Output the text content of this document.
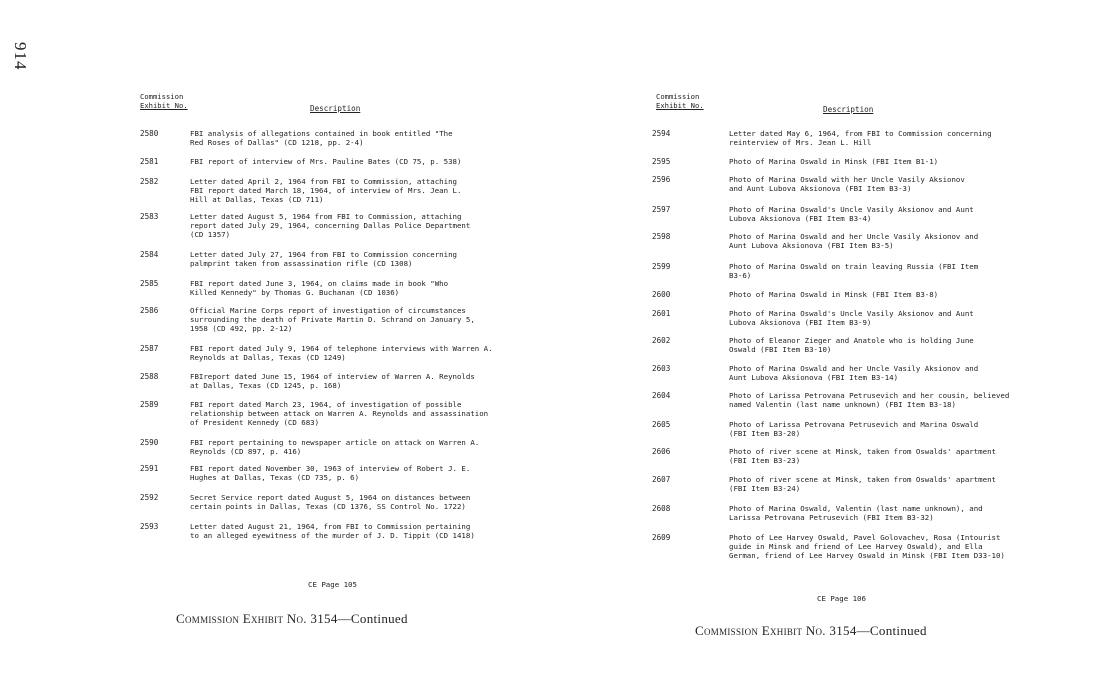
914
Commission
Exhibit No.	Description
2580	FBI analysis of allegations contained in book entitled "The
Red Roses of Dallas" (CD 1218, pp. 2-4)
2581	FBI report of interview of Mrs. Pauline Bates (CD 75, p. 538)
2582	Letter dated April 2, 1964 from FBI to Commission, attaching
FBI report dated March 18, 1964, of interview of Mrs. Jean L.
Hill at Dallas, Texas (CD 711)
2583	Letter dated August 5, 1964 from FBI to Commission, attaching
report dated July 29, 1964, concerning Dallas Police Department
(CD 1357)
2584	Letter dated July 27, 1964 from FBI to Commission concerning
palmprint taken from assassination rifle (CD 1308)
2585	FBI report dated June 3, 1964, on claims made in book "Who
Killed Kennedy" by Thomas G. Buchanan (CD 1036)
2586	Official Marine Corps report of investigation of circumstances
surrounding the death of Private Martin D. Schrand on January 5,
1958 (CD 492, pp. 2-12)
2587	FBI report dated July 9, 1964 of telephone interviews with Warren A.
Reynolds at Dallas, Texas (CD 1249)
2588	FBIreport dated June 15, 1964 of interview of Warren A. Reynolds
at Dallas, Texas (CD 1245, p. 168)
2589	FBI report dated March 23, 1964, of investigation of possible
relationship between attack on Warren A. Reynolds and assassination
of President Kennedy (CD 683)
2590	FBI report pertaining to newspaper article on attack on Warren A.
Reynolds (CD 897, p. 416)
2591	FBI report dated November 30, 1963 of interview of Robert J. E.
Hughes at Dallas, Texas (CD 735, p. 6)
2592	Secret Service report dated August 5, 1964 on distances between
certain points in Dallas, Texas (CD 1376, SS Control No. 1722)
2593	Letter dated August 21, 1964, from FBI to Commission pertaining
to an alleged eyewitness of the murder of J. D. Tippit (CD 1418)
CE Page 105
Commission Exhibit No. 3154—Continued
Commission
Exhibit No.	Description
2594	Letter dated May 6, 1964, from FBI to Commission concerning
reinterview of Mrs. Jean L. Hill
2595	Photo of Marina Oswald in Minsk (FBI Item B1-1)
2596	Photo of Marina Oswald with her Uncle Vasily Aksionov
and Aunt Lubova Aksionova (FBI Item B3-3)
2597	Photo of Marina Oswald's Uncle Vasily Aksionov and Aunt
Lubova Aksionova (FBI Item B3-4)
2598	Photo of Marina Oswald and her Uncle Vasily Aksionov and
Aunt Lubova Aksionova (FBI Item B3-5)
2599	Photo of Marina Oswald on train leaving Russia (FBI Item
B3-6)
2600	Photo of Marina Oswald in Minsk (FBI Item B3-8)
2601	Photo of Marina Oswald's Uncle Vasily Aksionov and Aunt
Lubova Aksionova (FBI Item B3-9)
2602	Photo of Eleanor Zieger and Anatole who is holding June
Oswald (FBI Item B3-10)
2603	Photo of Marina Oswald and her Uncle Vasily Aksionov and
Aunt Lubova Aksionova (FBI Item B3-14)
2604	Photo of Larissa Petrovana Petrusevich and her cousin, believed
named Valentin (last name unknown) (FBI Item B3-18)
2605	Photo of Larissa Petrovana Petrusevich and Marina Oswald
(FBI Item B3-20)
2606	Photo of river scene at Minsk, taken from Oswalds' apartment
(FBI Item B3-23)
2607	Photo of river scene at Minsk, taken from Oswalds' apartment
(FBI Item B3-24)
2608	Photo of Marina Oswald, Valentin (last name unknown), and
Larissa Petrovana Petrusevich (FBI Item B3-32)
2609	Photo of Lee Harvey Oswald, Pavel Golovachev, Rosa (Intourist
guide in Minsk and friend of Lee Harvey Oswald), and Ella
German, friend of Lee Harvey Oswald in Minsk (FBI Item D33-10)
CE Page 106
Commission Exhibit No. 3154—Continued
